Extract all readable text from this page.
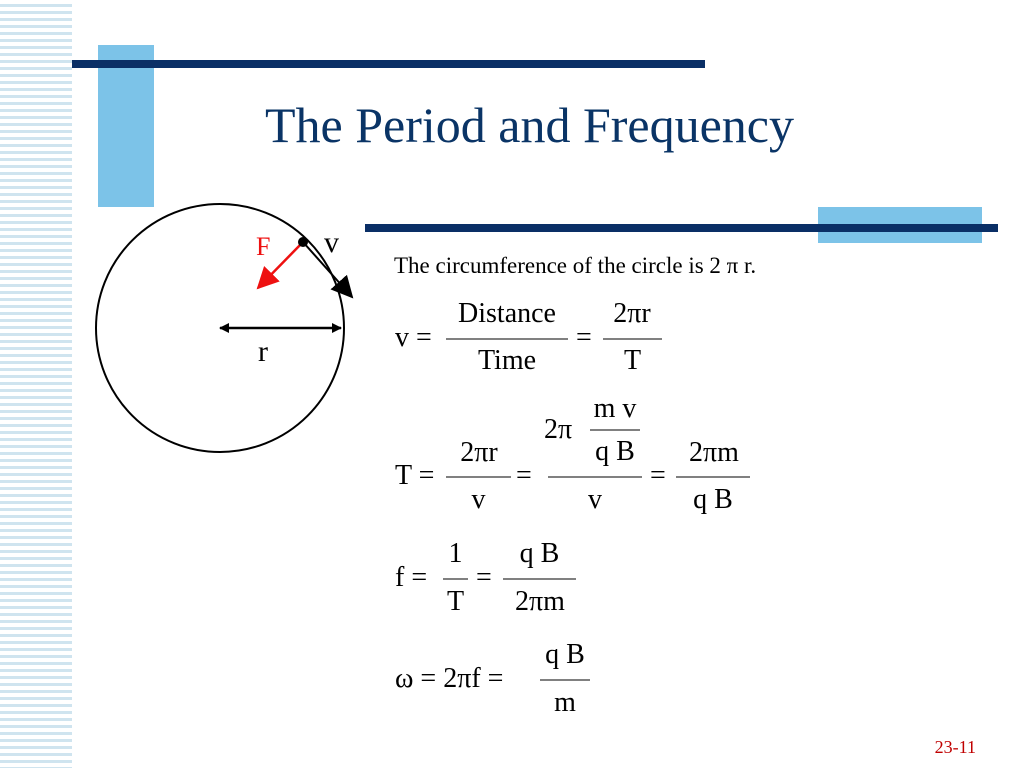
The Period and Frequency
F v
r
The circumference of the circle is 2 π r.
v =
Distance
Time
=
2πr
T
T =
2πr
v
=
2π
m v
q B
v
=
2πm
q B
f =
1
T
=
q B
2πm
ω = 2πf =
q B
m
23-11
